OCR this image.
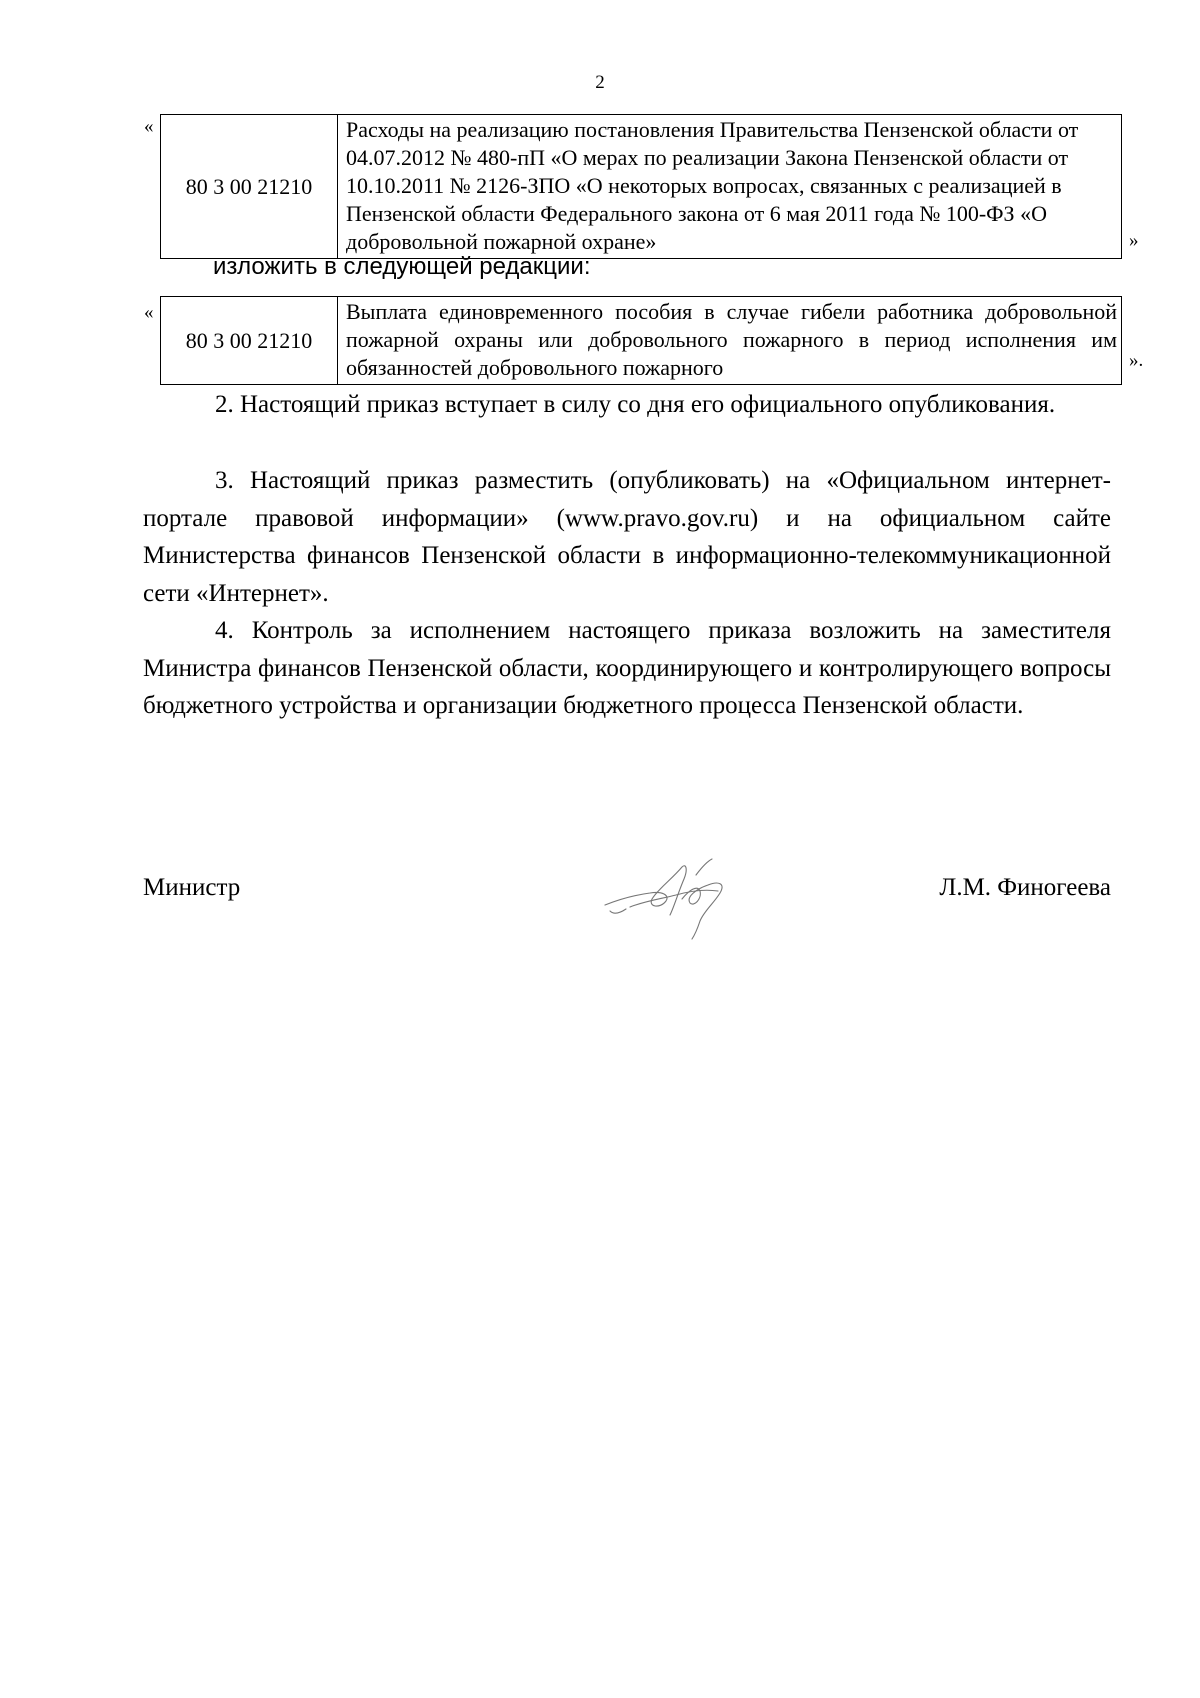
2
«
80 3 00 21210	Расходы на реализацию постановления Правительства Пензенской области от 04.07.2012 № 480-пП «О мерах по реализации Закона Пензенской области от 10.10.2011 № 2126-ЗПО «О некоторых вопросах, связанных с реализацией в Пензенской области Федерального закона от 6 мая 2011 года № 100-ФЗ «О добровольной пожарной охране»	»
изложить в следующей редакции:
«
80 3 00 21210	Выплата единовременного пособия в случае гибели работника добровольной пожарной охраны или добровольного пожарного в период исполнения им обязанностей добровольного пожарного	».

2. Настоящий приказ вступает в силу со дня его официального опубликования.

3. Настоящий приказ разместить (опубликовать) на «Официальном интернет-портале правовой информации» (www.pravo.gov.ru) и на официальном сайте Министерства финансов Пензенской области в информационно-телекоммуникационной сети «Интернет».

4. Контроль за исполнением настоящего приказа возложить на заместителя Министра финансов Пензенской области, координирующего и контролирующего вопросы бюджетного устройства и организации бюджетного процесса Пензенской области.

Министр	Л.М. Финогеева
